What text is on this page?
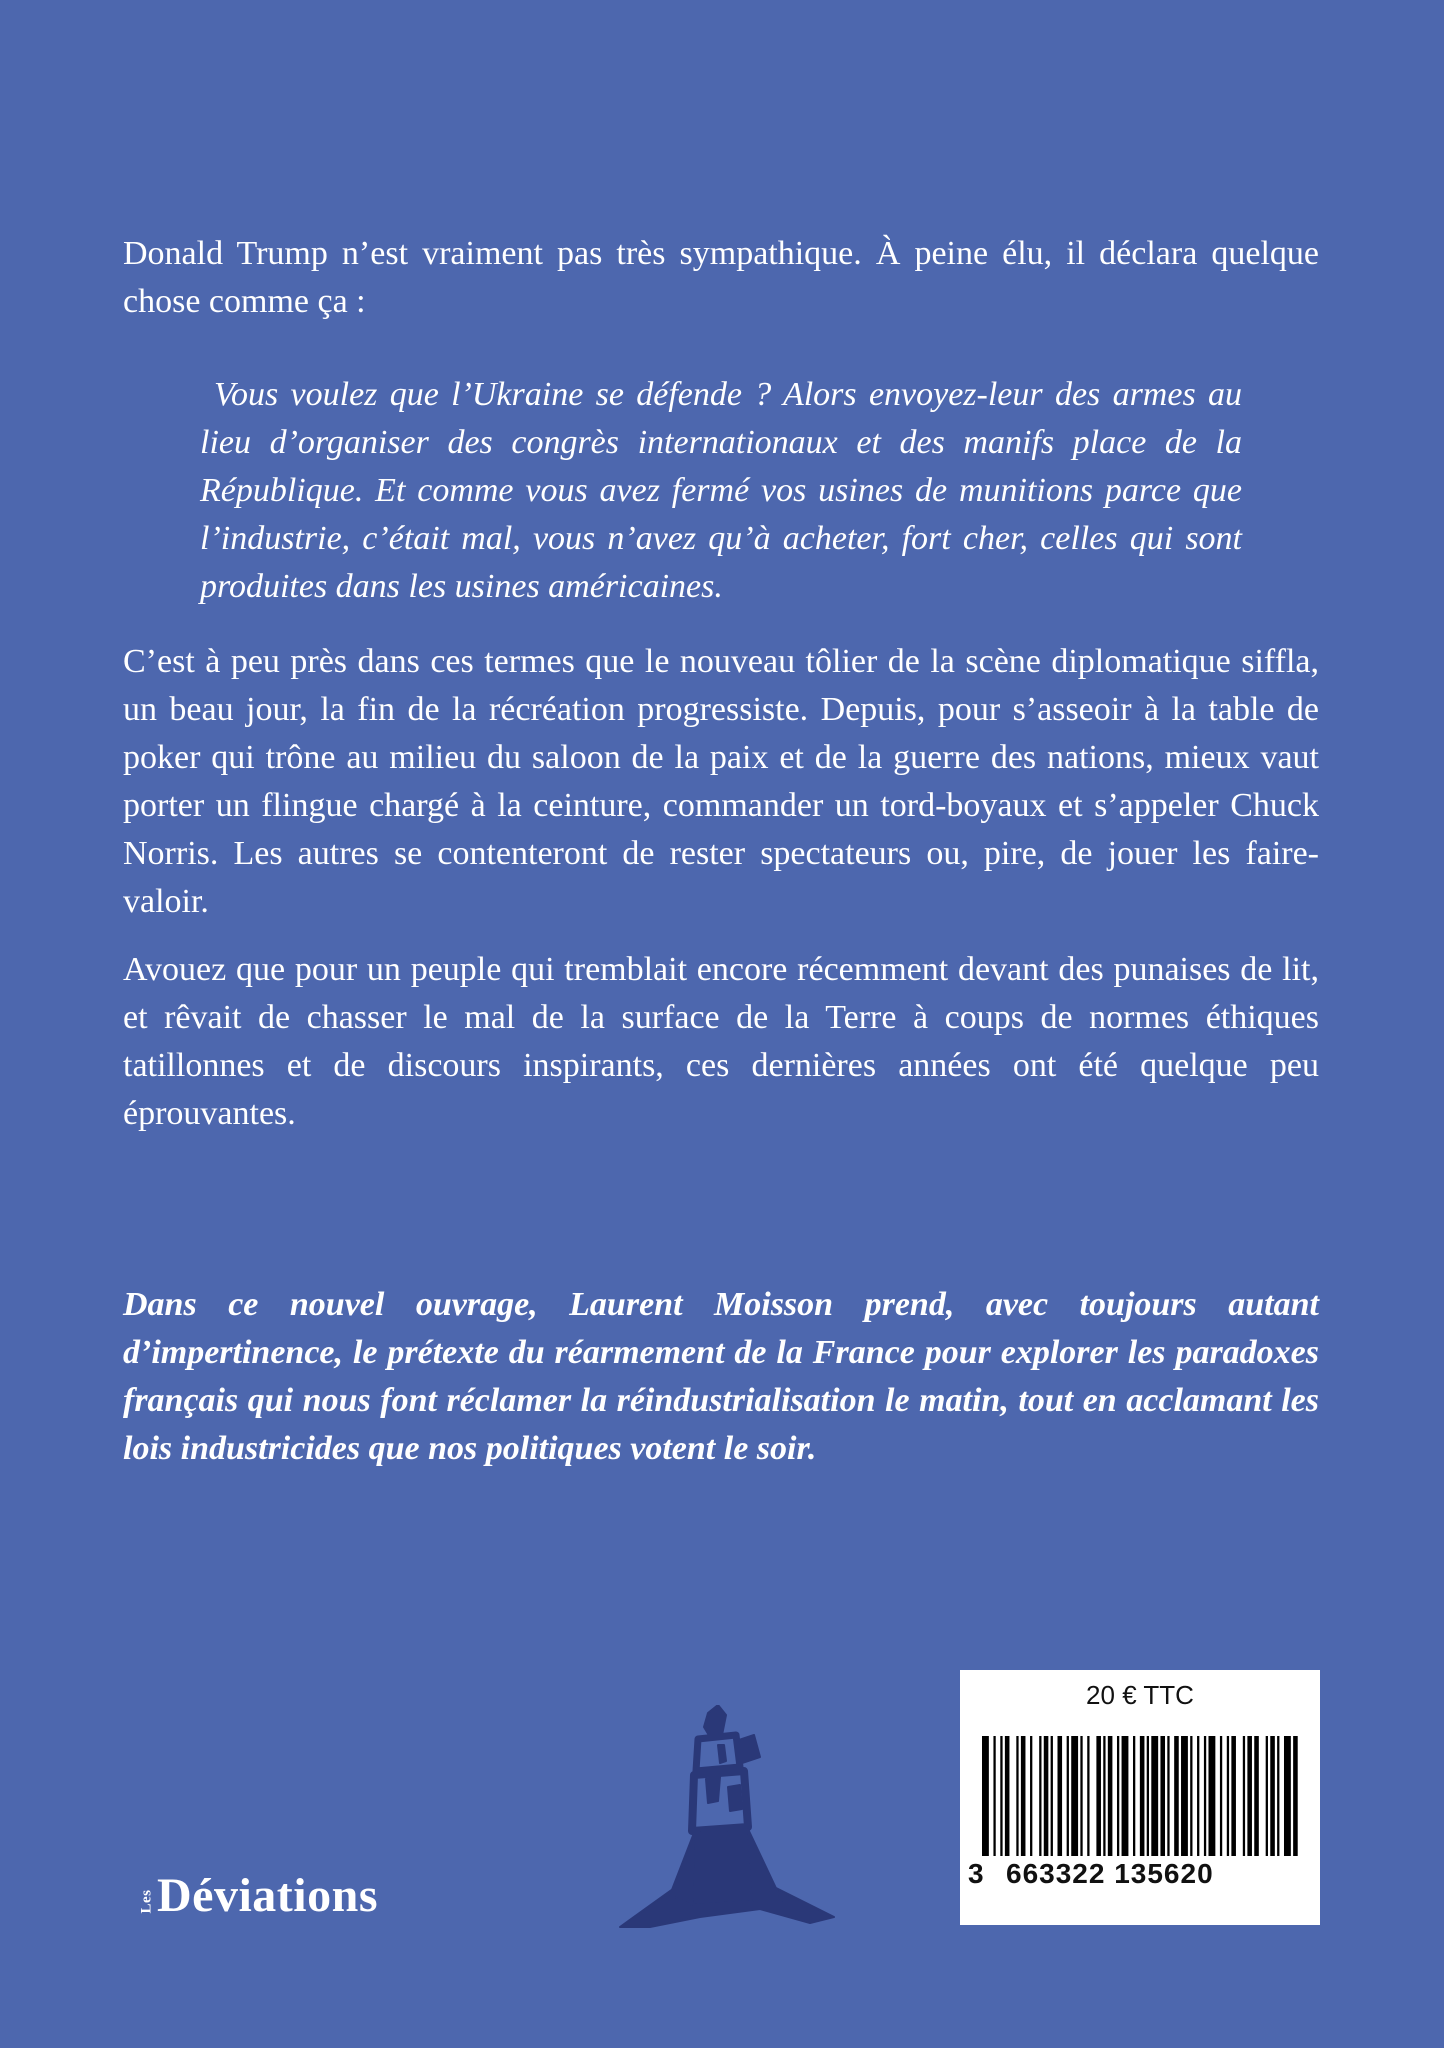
Donald Trump n’est vraiment pas très sympathique. À peine élu, il déclara quelque chose comme ça :

Vous voulez que l’Ukraine se défende ? Alors envoyez-leur des armes au lieu d’organiser des congrès internationaux et des manifs place de la République. Et comme vous avez fermé vos usines de munitions parce que l’industrie, c’était mal, vous n’avez qu’à acheter, fort cher, celles qui sont produites dans les usines américaines.

C’est à peu près dans ces termes que le nouveau tôlier de la scène diplomatique siffla, un beau jour, la fin de la récréation progressiste. Depuis, pour s’asseoir à la table de poker qui trône au milieu du saloon de la paix et de la guerre des nations, mieux vaut porter un flingue chargé à la ceinture, commander un tord-boyaux et s’appeler Chuck Norris. Les autres se contenteront de rester spectateurs ou, pire, de jouer les faire-valoir.

Avouez que pour un peuple qui tremblait encore récemment devant des punaises de lit, et rêvait de chasser le mal de la surface de la Terre à coups de normes éthiques tatillonnes et de discours inspirants, ces dernières années ont été quelque peu éprouvantes.

Dans ce nouvel ouvrage, Laurent Moisson prend, avec toujours autant d’impertinence, le prétexte du réarmement de la France pour explorer les paradoxes français qui nous font réclamer la réindustrialisation le matin, tout en acclamant les lois industricides que nos politiques votent le soir.

LesDéviations
20 € TTC
3 663322 135620
